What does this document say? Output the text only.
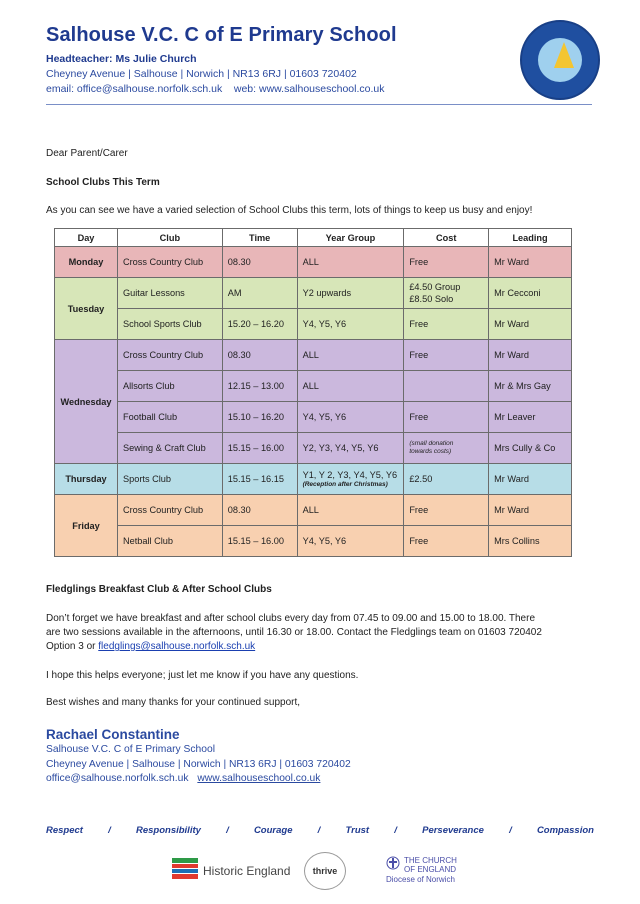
Salhouse V.C. C of E Primary School
Headteacher: Ms Julie Church
Cheyney Avenue | Salhouse | Norwich | NR13 6RJ | 01603 720402
email: office@salhouse.norfolk.sch.uk    web: www.salhouseschool.co.uk
Dear Parent/Carer
School Clubs This Term
As you can see we have a varied selection of School Clubs this term, lots of things to keep us busy and enjoy!
Day	Club	Time	Year Group	Cost	Leading
Monday	Cross Country Club	08.30	ALL	Free	Mr Ward
Tuesday	Guitar Lessons	AM	Y2 upwards	£4.50 Group
£8.50 Solo	Mr Cecconi
	School Sports Club	15.20 – 16.20	Y4, Y5, Y6	Free	Mr Ward
Wednesday	Cross Country Club	08.30	ALL	Free	Mr Ward
	Allsorts Club	12.15 – 13.00	ALL		Mr & Mrs Gay
	Football Club	15.10 – 16.20	Y4, Y5, Y6	Free	Mr Leaver
	Sewing & Craft Club	15.15 – 16.00	Y2, Y3, Y4, Y5, Y6	(small donation
towards costs)	Mrs Cully & Co
Thursday	Sports Club	15.15 – 16.15	Y1, Y 2, Y3, Y4, Y5, Y6
(Reception after Christmas)	£2.50	Mr Ward
Friday	Cross Country Club	08.30	ALL	Free	Mr Ward
	Netball Club	15.15 – 16.00	Y4, Y5, Y6	Free	Mrs Collins
Fledglings Breakfast Club & After School Clubs
Don’t forget we have breakfast and after school clubs every day from 07.45 to 09.00 and 15.00 to 18.00. There
are two sessions available in the afternoons, until 16.30 or 18.00. Contact the Fledglings team on 01603 720402
Option 3 or fledglings@salhouse.norfolk.sch.uk
I hope this helps everyone; just let me know if you have any questions.
Best wishes and many thanks for your continued support,
Rachael Constantine
Salhouse V.C. C of E Primary School
Cheyney Avenue | Salhouse | Norwich | NR13 6RJ | 01603 720402
office@salhouse.norfolk.sch.uk www.salhouseschool.co.uk
Respect	/	Responsibility	/	Courage	/	Trust	/	Perseverance	/	Compassion
Historic England	thrive
THE CHURCH
OF ENGLAND
Diocese of Norwich
